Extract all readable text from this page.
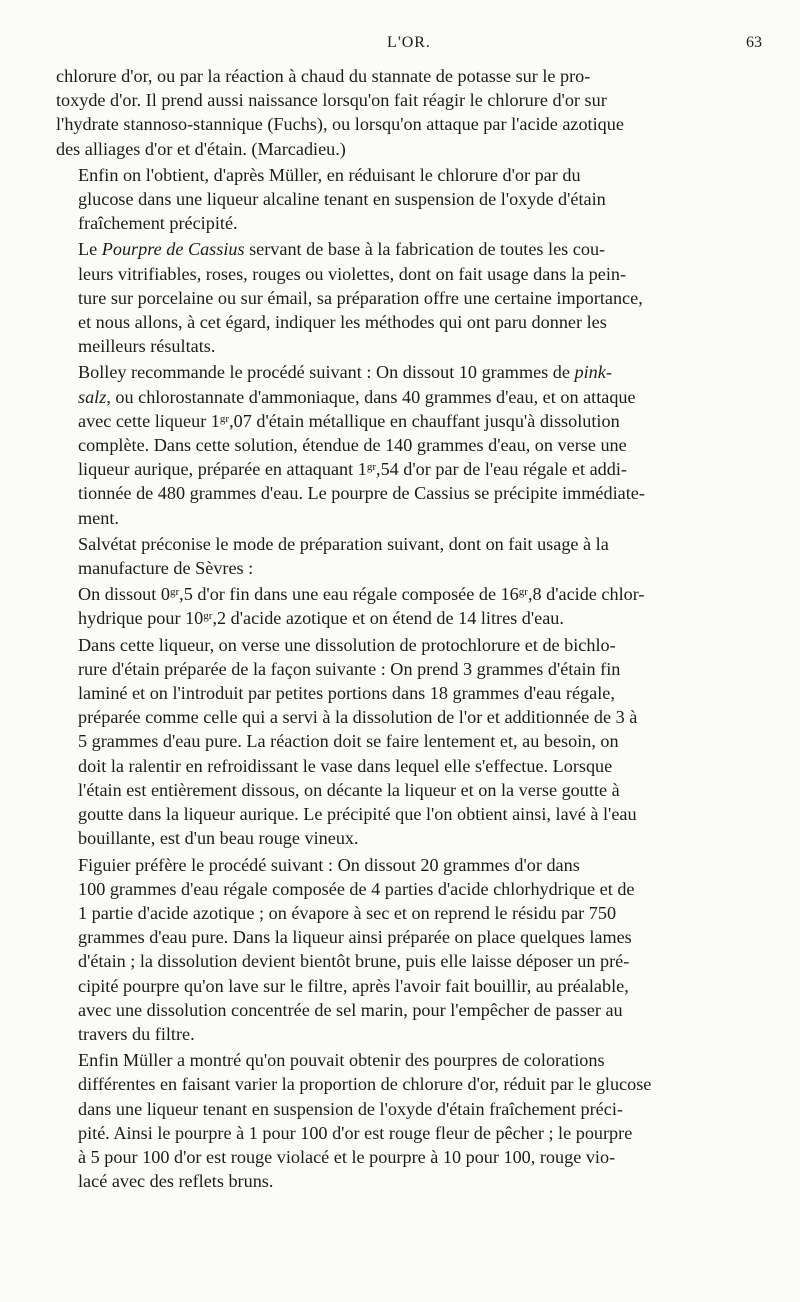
L'OR.	63

chlorure d'or, ou par la réaction à chaud du stannate de potasse sur le pro-
toxyde d'or. Il prend aussi naissance lorsqu'on fait réagir le chlorure d'or sur
l'hydrate stannoso-stannique (Fuchs), ou lorsqu'on attaque par l'acide azotique
des alliages d'or et d'étain. (Marcadieu.)

Enfin on l'obtient, d'après Müller, en réduisant le chlorure d'or par du
glucose dans une liqueur alcaline tenant en suspension de l'oxyde d'étain
fraîchement précipité.

Le Pourpre de Cassius servant de base à la fabrication de toutes les cou-
leurs vitrifiables, roses, rouges ou violettes, dont on fait usage dans la pein-
ture sur porcelaine ou sur émail, sa préparation offre une certaine importance,
et nous allons, à cet égard, indiquer les méthodes qui ont paru donner les
meilleurs résultats.

Bolley recommande le procédé suivant : On dissout 10 grammes de pink-
salz, ou chlorostannate d'ammoniaque, dans 40 grammes d'eau, et on attaque
avec cette liqueur $1^{gr},07$ d'étain métallique en chauffant jusqu'à dissolution
complète. Dans cette solution, étendue de 140 grammes d'eau, on verse une
liqueur aurique, préparée en attaquant $1^{gr},54$ d'or par de l'eau régale et addi-
tionnée de 480 grammes d'eau. Le pourpre de Cassius se précipite immédiate-
ment.

Salvétat préconise le mode de préparation suivant, dont on fait usage à la
manufacture de Sèvres :

On dissout $0^{gr},5$ d'or fin dans une eau régale composée de $16^{gr},8$ d'acide chlor-
hydrique pour $10^{gr},2$ d'acide azotique et on étend de 14 litres d'eau.

Dans cette liqueur, on verse une dissolution de protochlorure et de bichlo-
rure d'étain préparée de la façon suivante : On prend 3 grammes d'étain fin
laminé et on l'introduit par petites portions dans 18 grammes d'eau régale,
préparée comme celle qui a servi à la dissolution de l'or et additionnée de 3 à
5 grammes d'eau pure. La réaction doit se faire lentement et, au besoin, on
doit la ralentir en refroidissant le vase dans lequel elle s'effectue. Lorsque
l'étain est entièrement dissous, on décante la liqueur et on la verse goutte à
goutte dans la liqueur aurique. Le précipité que l'on obtient ainsi, lavé à l'eau
bouillante, est d'un beau rouge vineux.

Figuier préfère le procédé suivant : On dissout 20 grammes d'or dans
100 grammes d'eau régale composée de 4 parties d'acide chlorhydrique et de
1 partie d'acide azotique ; on évapore à sec et on reprend le résidu par 750
grammes d'eau pure. Dans la liqueur ainsi préparée on place quelques lames
d'étain ; la dissolution devient bientôt brune, puis elle laisse déposer un pré-
cipité pourpre qu'on lave sur le filtre, après l'avoir fait bouillir, au préalable,
avec une dissolution concentrée de sel marin, pour l'empêcher de passer au
travers du filtre.

Enfin Müller a montré qu'on pouvait obtenir des pourpres de colorations
différentes en faisant varier la proportion de chlorure d'or, réduit par le glucose
dans une liqueur tenant en suspension de l'oxyde d'étain fraîchement préci-
pité. Ainsi le pourpre à 1 pour 100 d'or est rouge fleur de pêcher ; le pourpre
à 5 pour 100 d'or est rouge violacé et le pourpre à 10 pour 100, rouge vio-
lacé avec des reflets bruns.
